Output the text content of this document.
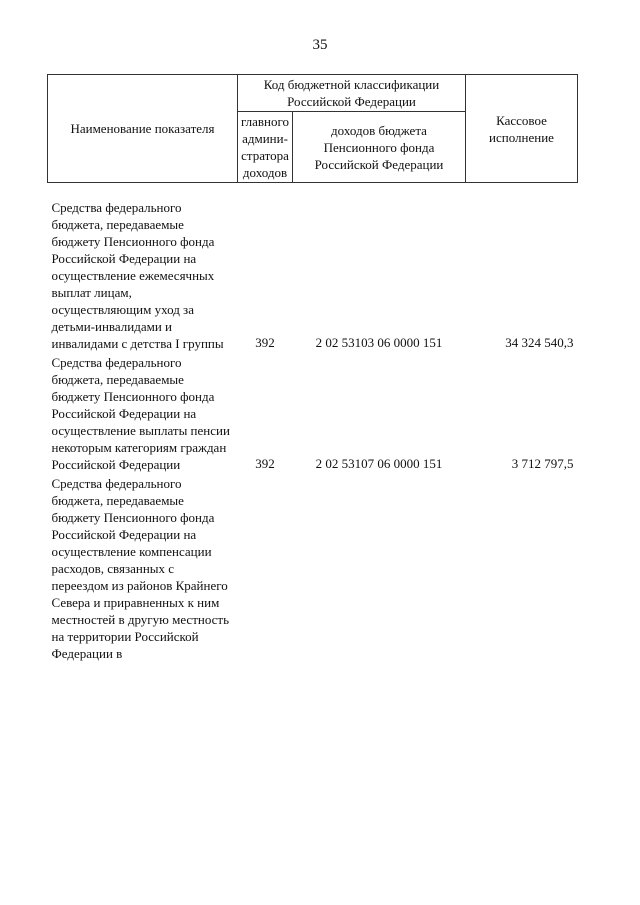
35
Наименование показателя	Код бюджетной классификации Российской Федерации		Кассовое исполнение
	главного админи-стратора доходов	доходов бюджета Пенсионного фонда Российской Федерации	
Средства федерального бюджета, передаваемые бюджету Пенсионного фонда Российской Федерации на осуществление ежемесячных выплат лицам, осуществляющим уход за детьми-инвалидами и инвалидами с детства I группы	392	2 02 53103 06 0000 151	34 324 540,3
Средства федерального бюджета, передаваемые бюджету Пенсионного фонда Российской Федерации на осуществление выплаты пенсии некоторым категориям граждан Российской Федерации	392	2 02 53107 06 0000 151	3 712 797,5
Средства федерального бюджета, передаваемые бюджету Пенсионного фонда Российской Федерации на осуществление компенсации расходов, связанных с переездом из районов Крайнего Севера и приравненных к ним местностей в другую местность на территории Российской Федерации в			
